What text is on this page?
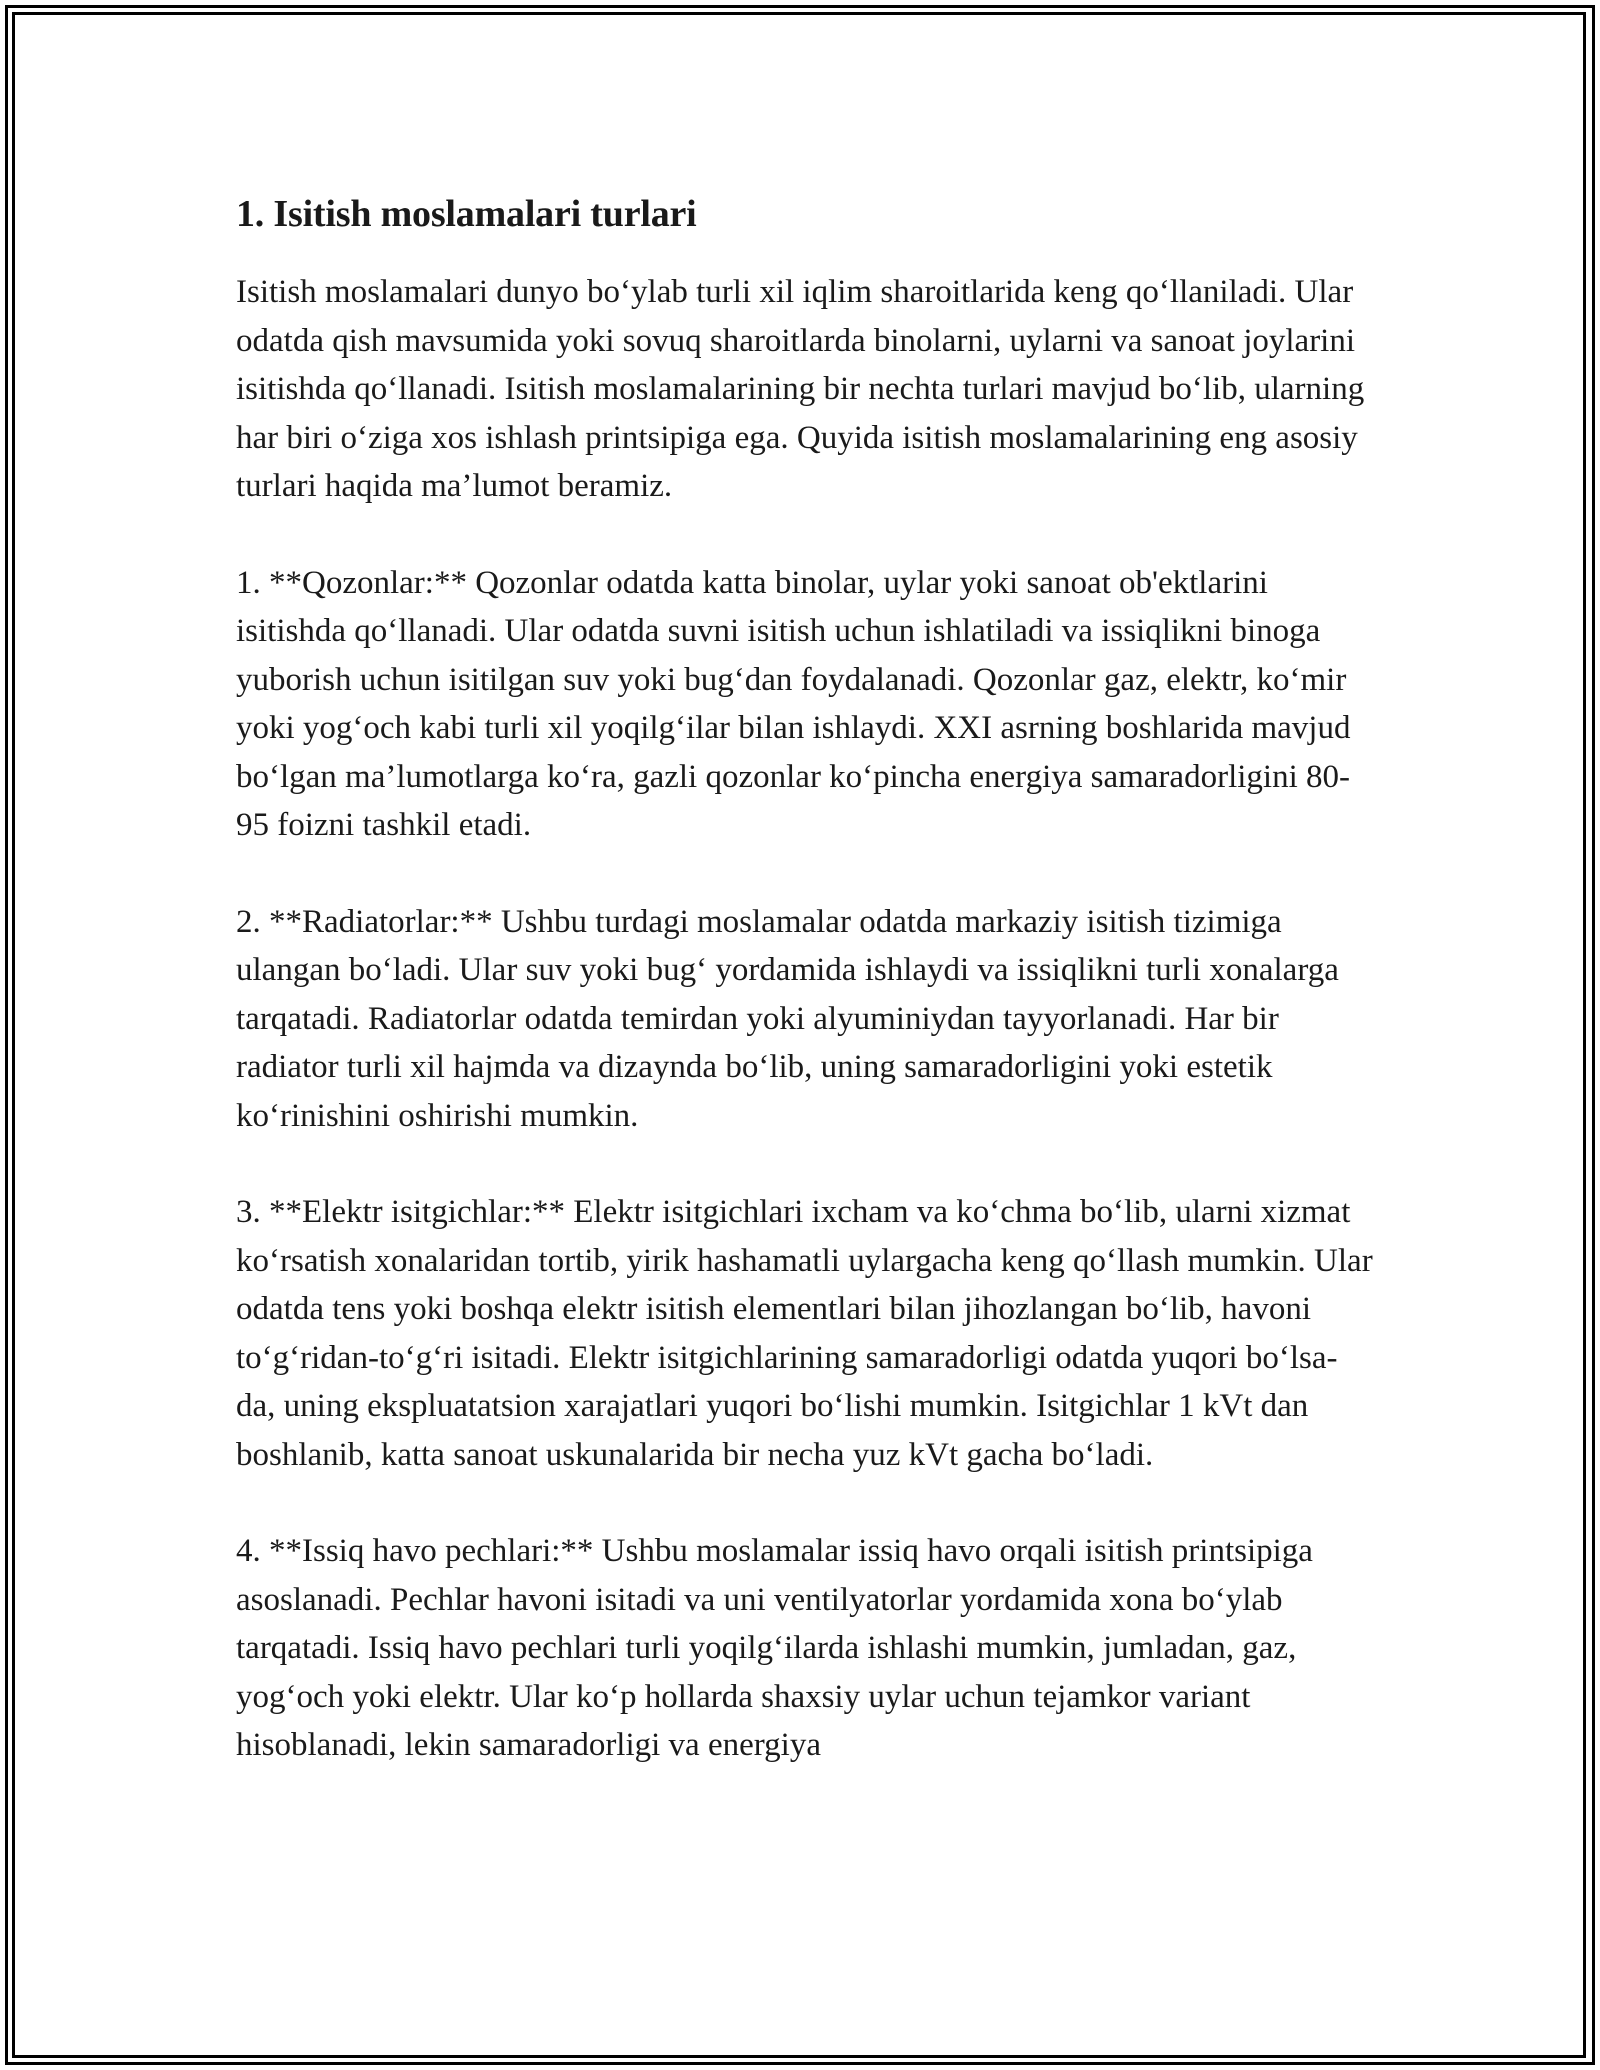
1. Isitish moslamalari turlari

Isitish moslamalari dunyo bo‘ylab turli xil iqlim sharoitlarida keng qo‘llaniladi. Ular odatda qish mavsumida yoki sovuq sharoitlarda binolarni, uylarni va sanoat joylarini isitishda qo‘llanadi. Isitish moslamalarining bir nechta turlari mavjud bo‘lib, ularning har biri o‘ziga xos ishlash printsipiga ega. Quyida isitish moslamalarining eng asosiy turlari haqida ma’lumot beramiz.

1. **Qozonlar:** Qozonlar odatda katta binolar, uylar yoki sanoat ob'ektlarini isitishda qo‘llanadi. Ular odatda suvni isitish uchun ishlatiladi va issiqlikni binoga yuborish uchun isitilgan suv yoki bug‘dan foydalanadi. Qozonlar gaz, elektr, ko‘mir yoki yog‘och kabi turli xil yoqilg‘ilar bilan ishlaydi. XXI asrning boshlarida mavjud bo‘lgan ma’lumotlarga ko‘ra, gazli qozonlar ko‘pincha energiya samaradorligini 80-95 foizni tashkil etadi.

2. **Radiatorlar:** Ushbu turdagi moslamalar odatda markaziy isitish tizimiga ulangan bo‘ladi. Ular suv yoki bug‘ yordamida ishlaydi va issiqlikni turli xonalarga tarqatadi. Radiatorlar odatda temirdan yoki alyuminiydan tayyorlanadi. Har bir radiator turli xil hajmda va dizaynda bo‘lib, uning samaradorligini yoki estetik ko‘rinishini oshirishi mumkin.

3. **Elektr isitgichlar:** Elektr isitgichlari ixcham va ko‘chma bo‘lib, ularni xizmat ko‘rsatish xonalaridan tortib, yirik hashamatli uylargacha keng qo‘llash mumkin. Ular odatda tens yoki boshqa elektr isitish elementlari bilan jihozlangan bo‘lib, havoni to‘g‘ridan-to‘g‘ri isitadi. Elektr isitgichlarining samaradorligi odatda yuqori bo‘lsa-da, uning ekspluatatsion xarajatlari yuqori bo‘lishi mumkin. Isitgichlar 1 kVt dan boshlanib, katta sanoat uskunalarida bir necha yuz kVt gacha bo‘ladi.

4. **Issiq havo pechlari:** Ushbu moslamalar issiq havo orqali isitish printsipiga asoslanadi. Pechlar havoni isitadi va uni ventilyatorlar yordamida xona bo‘ylab tarqatadi. Issiq havo pechlari turli yoqilg‘ilarda ishlashi mumkin, jumladan, gaz, yog‘och yoki elektr. Ular ko‘p hollarda shaxsiy uylar uchun tejamkor variant hisoblanadi, lekin samaradorligi va energiya
